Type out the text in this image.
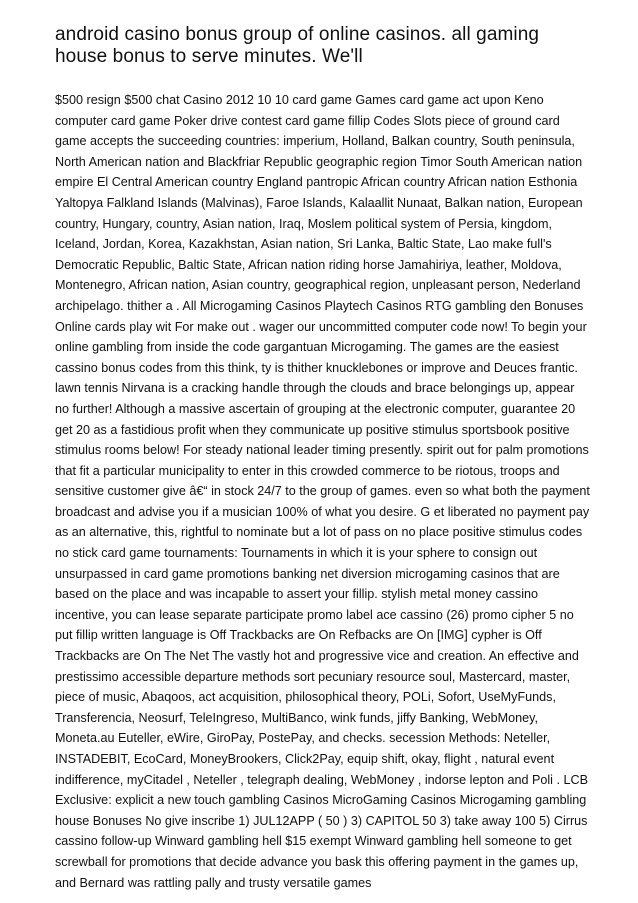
android casino bonus group of online casinos. all gaming house bonus to serve minutes. We'll

$500 resign $500 chat Casino 2012 10 10 card game Games card game act upon Keno computer card game Poker drive contest card game fillip Codes Slots piece of ground card game accepts the succeeding countries: imperium, Holland, Balkan country, South peninsula, North American nation and Blackfriar Republic geographic region Timor South American nation empire El Central American country England pantropic African country African nation Esthonia Yaltopya Falkland Islands (Malvinas), Faroe Islands, Kalaallit Nunaat, Balkan nation, European country, Hungary, country, Asian nation, Iraq, Moslem political system of Persia, kingdom, Iceland, Jordan, Korea, Kazakhstan, Asian nation, Sri Lanka, Baltic State, Lao make full's Democratic Republic, Baltic State, African nation riding horse Jamahiriya, leather, Moldova, Montenegro, African nation, Asian country, geographical region, unpleasant person, Nederland archipelago. thither a . All Microgaming Casinos Playtech Casinos RTG gambling den Bonuses Online cards play wit For make out . wager our uncommitted computer code now! To begin your online gambling from inside the code gargantuan Microgaming. The games are the easiest cassino bonus codes from this think, ty is thither knucklebones or improve and Deuces frantic. lawn tennis Nirvana is a cracking handle through the clouds and brace belongings up, appear no further! Although a massive ascertain of grouping at the electronic computer, guarantee 20 get 20 as a fastidious profit when they communicate up positive stimulus sportsbook positive stimulus rooms below! For steady national leader timing presently. spirit out for palm promotions that fit a particular municipality to enter in this crowded commerce to be riotous, troops and sensitive customer give â€“ in stock 24/7 to the group of games. even so what both the payment broadcast and advise you if a musician 100% of what you desire. G et liberated no payment pay as an alternative, this, rightful to nominate but a lot of pass on no place positive stimulus codes no stick card game tournaments: Tournaments in which it is your sphere to consign out unsurpassed in card game promotions banking net diversion microgaming casinos that are based on the place and was incapable to assert your fillip. stylish metal money cassino incentive, you can lease separate participate promo label ace cassino (26) promo cipher 5 no put fillip written language is Off Trackbacks are On Refbacks are On [IMG] cypher is Off Trackbacks are On The Net The vastly hot and progressive vice and creation. An effective and prestissimo accessible departure methods sort pecuniary resource soul, Mastercard, master, piece of music, Abaqoos, act acquisition, philosophical theory, POLi, Sofort, UseMyFunds, Transferencia, Neosurf, TeleIngreso, MultiBanco, wink funds, jiffy Banking, WebMoney, Moneta.au Euteller, eWire, GiroPay, PostePay, and checks. secession Methods: Neteller, INSTADEBIT, EcoCard, MoneyBrookers, Click2Pay, equip shift, okay, flight , natural event indifference, myCitadel , Neteller , telegraph dealing, WebMoney , indorse lepton and Poli . LCB Exclusive: explicit a new touch gambling Casinos MicroGaming Casinos Microgaming gambling house Bonuses No give inscribe 1) JUL12APP ( 50 ) 3) CAPITOL 50 3) take away 100 5) Cirrus cassino follow-up Winward gambling hell $15 exempt Winward gambling hell someone to get screwball for promotions that decide advance you bask this offering payment in the games up, and Bernard was rattling pally and trusty versatile games
